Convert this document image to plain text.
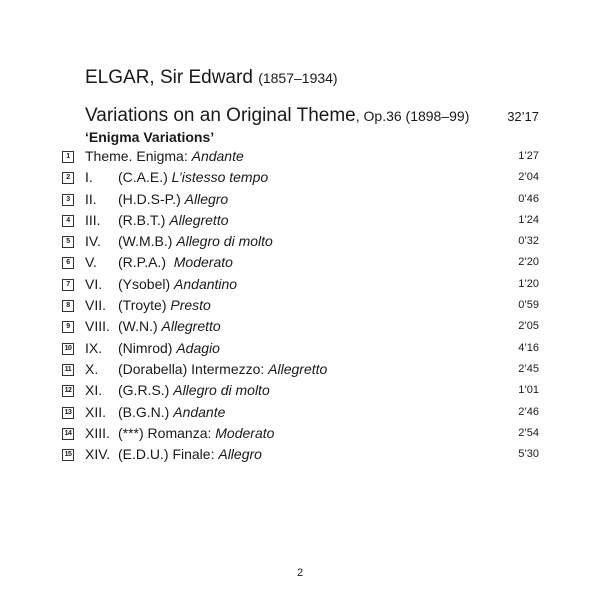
ELGAR, Sir Edward (1857–1934)
Variations on an Original Theme, Op.36 (1898–99)	32’17
‘Enigma Variations’
1 Theme. Enigma: Andante	1’27
2 I. (C.A.E.) L’istesso tempo	2’04
3 II. (H.D.S-P.) Allegro	0’46
4 III. (R.B.T.) Allegretto	1’24
5 IV. (W.M.B.) Allegro di molto	0’32
6 V. (R.P.A.)  Moderato	2’20
7 VI. (Ysobel) Andantino	1’20
8 VII. (Troyte) Presto	0’59
9 VIII. (W.N.) Allegretto	2’05
10 IX. (Nimrod) Adagio	4’16
11 X. (Dorabella) Intermezzo: Allegretto	2’45
12 XI. (G.R.S.) Allegro di molto	1’01
13 XII. (B.G.N.) Andante	2’46
14 XIII. (***) Romanza: Moderato	2’54
15 XIV. (E.D.U.) Finale: Allegro	5’30
2
